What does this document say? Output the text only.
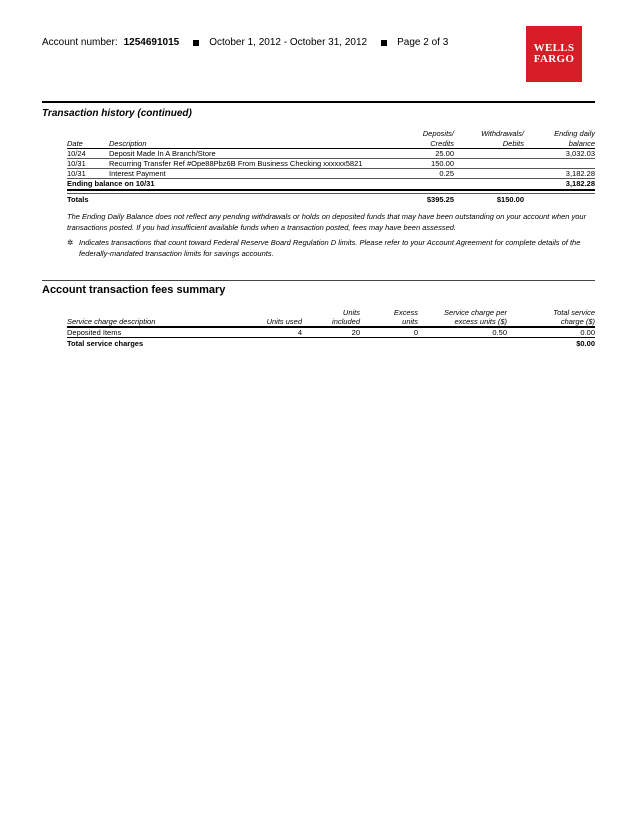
Account number: 1254691015	October 1, 2012 - October 31, 2012	Page 2 of 3	WELLS
FARGO
Transaction history (continued)
		Deposits/	Withdrawals/	Ending daily
Date	Description	Credits	Debits	balance
10/24	Deposit Made In A Branch/Store	25.00		3,032.03
10/31	Recurring Transfer Ref #Ope88Pbz6B From Business Checking xxxxxx5821	150.00		
10/31	Interest Payment	0.25		3,182.28
Ending balance on 10/31				3,182.28

Totals		$395.25	$150.00	
The Ending Daily Balance does not reflect any pending withdrawals or holds on deposited funds that may have been outstanding on your account when your transactions posted. If you had insufficient available funds when a transaction posted, fees may have been assessed.
✲ Indicates transactions that count toward Federal Reserve Board Regulation D limits. Please refer to your Account Agreement for complete details of the federally-mandated transaction limits for savings accounts.
Account transaction fees summary
		Units	Excess	Service charge per	Total service
Service charge description	Units used	included	units	excess units ($)	charge ($)
Deposited Items	4	20	0	0.50	0.00
Total service charges					$0.00
